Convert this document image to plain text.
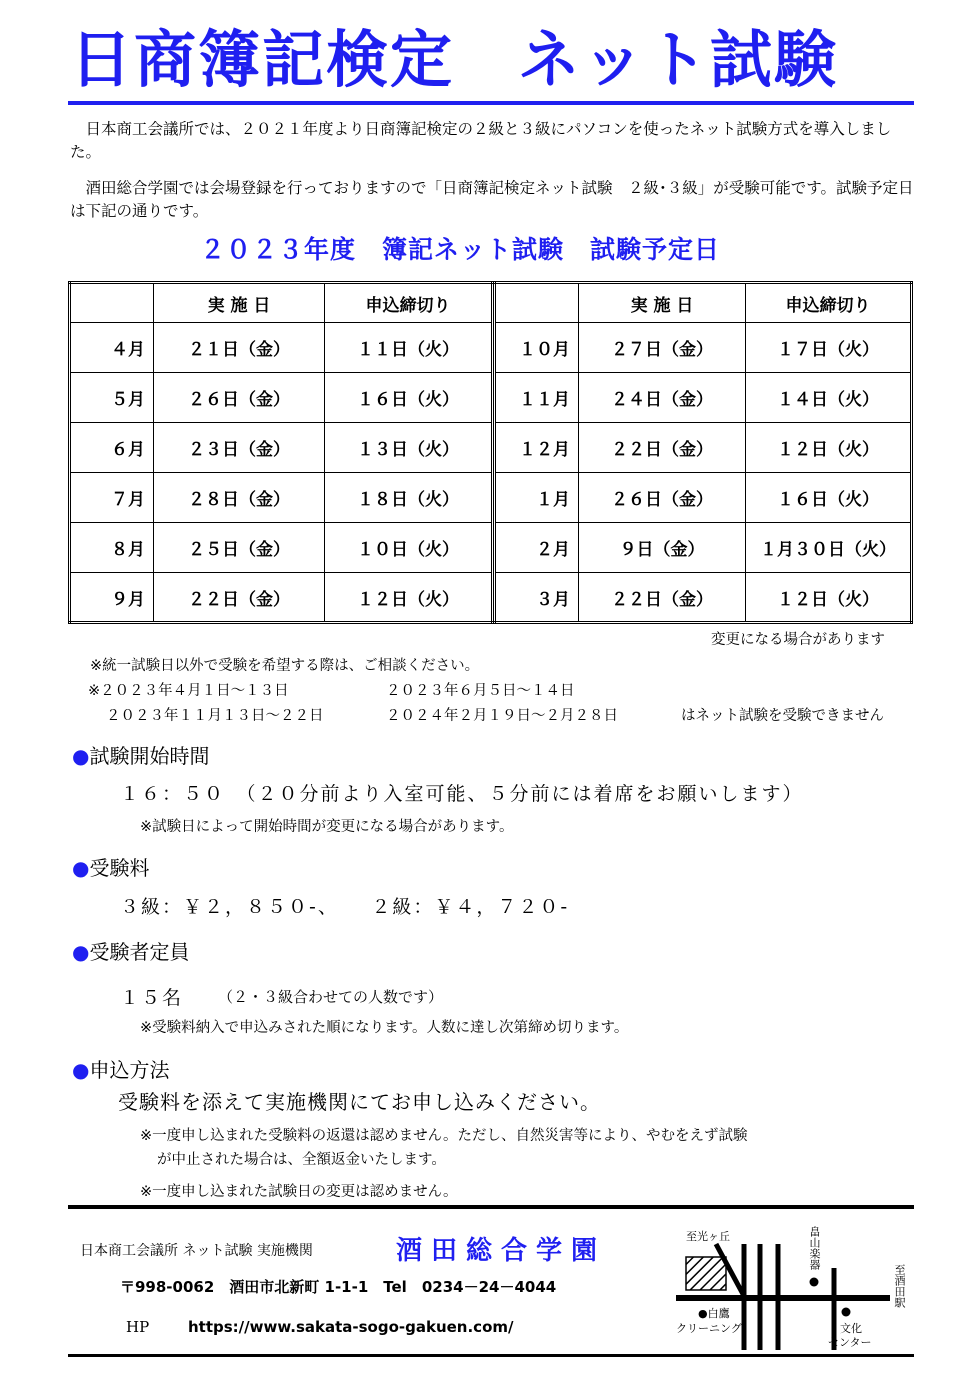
日商簿記検定　ネット試験
日本商工会議所では、２０２１年度より日商簿記検定の２級と３級にパソコンを使ったネット試験方式を導入しました。
酒田総合学園では会場登録を行っておりますので「日商簿記検定ネット試験　２級･３級」が受験可能です。試験予定日は下記の通りです。
２０２３年度　簿記ネット試験　試験予定日
	実 施 日	申込締切り
４月	２１日（金）	１１日（火）
５月	２６日（金）	１６日（火）
６月	２３日（金）	１３日（火）
７月	２８日（金）	１８日（火）
８月	２５日（金）	１０日（火）
９月	２２日（金）	１２日（火）
	実 施 日	申込締切り
１０月	２７日（金）	１７日（火）
１１月	２４日（金）	１４日（火）
１２月	２２日（金）	１２日（火）
１月	２６日（金）	１６日（火）
２月	９日（金）	１月３０日（火）
３月	２２日（金）	１２日（火）
変更になる場合があります
※統一試験日以外で受験を希望する際は、ご相談ください。
※２０２３年４月１日～１３日	２０２３年６月５日～１４日
２０２３年１１月１３日～２２日	２０２４年２月１９日～２月２８日	はネット試験を受験できません
●試験開始時間
１６：５０　（２０分前より入室可能、５分前には着席をお願いします）
※試験日によって開始時間が変更になる場合があります。
●受験料
３級：￥２，８５０-、　　２級：￥４，７２０-
●受験者定員
１５名 （２・３級合わせての人数です）
※受験料納入で申込みされた順になります。人数に達し次第締め切ります。
●申込方法
受験料を添えて実施機関にてお申し込みください。
※一度申し込まれた受験料の返還は認めません。ただし、自然災害等により、やむをえず試験
が中止された場合は、全額返金いたします。
※一度申し込まれた試験日の変更は認めません。
日本商工会議所 ネット試験 実施機関	酒田総合学園
〒998-0062　酒田市北新町 1-1-1　Tel　0234－24－4044
HP	https://www.sakata-sogo-gakuen.com/
至光ヶ丘	畠山楽器
至酒田駅
●白鷹
クリーニング	文化
センター
